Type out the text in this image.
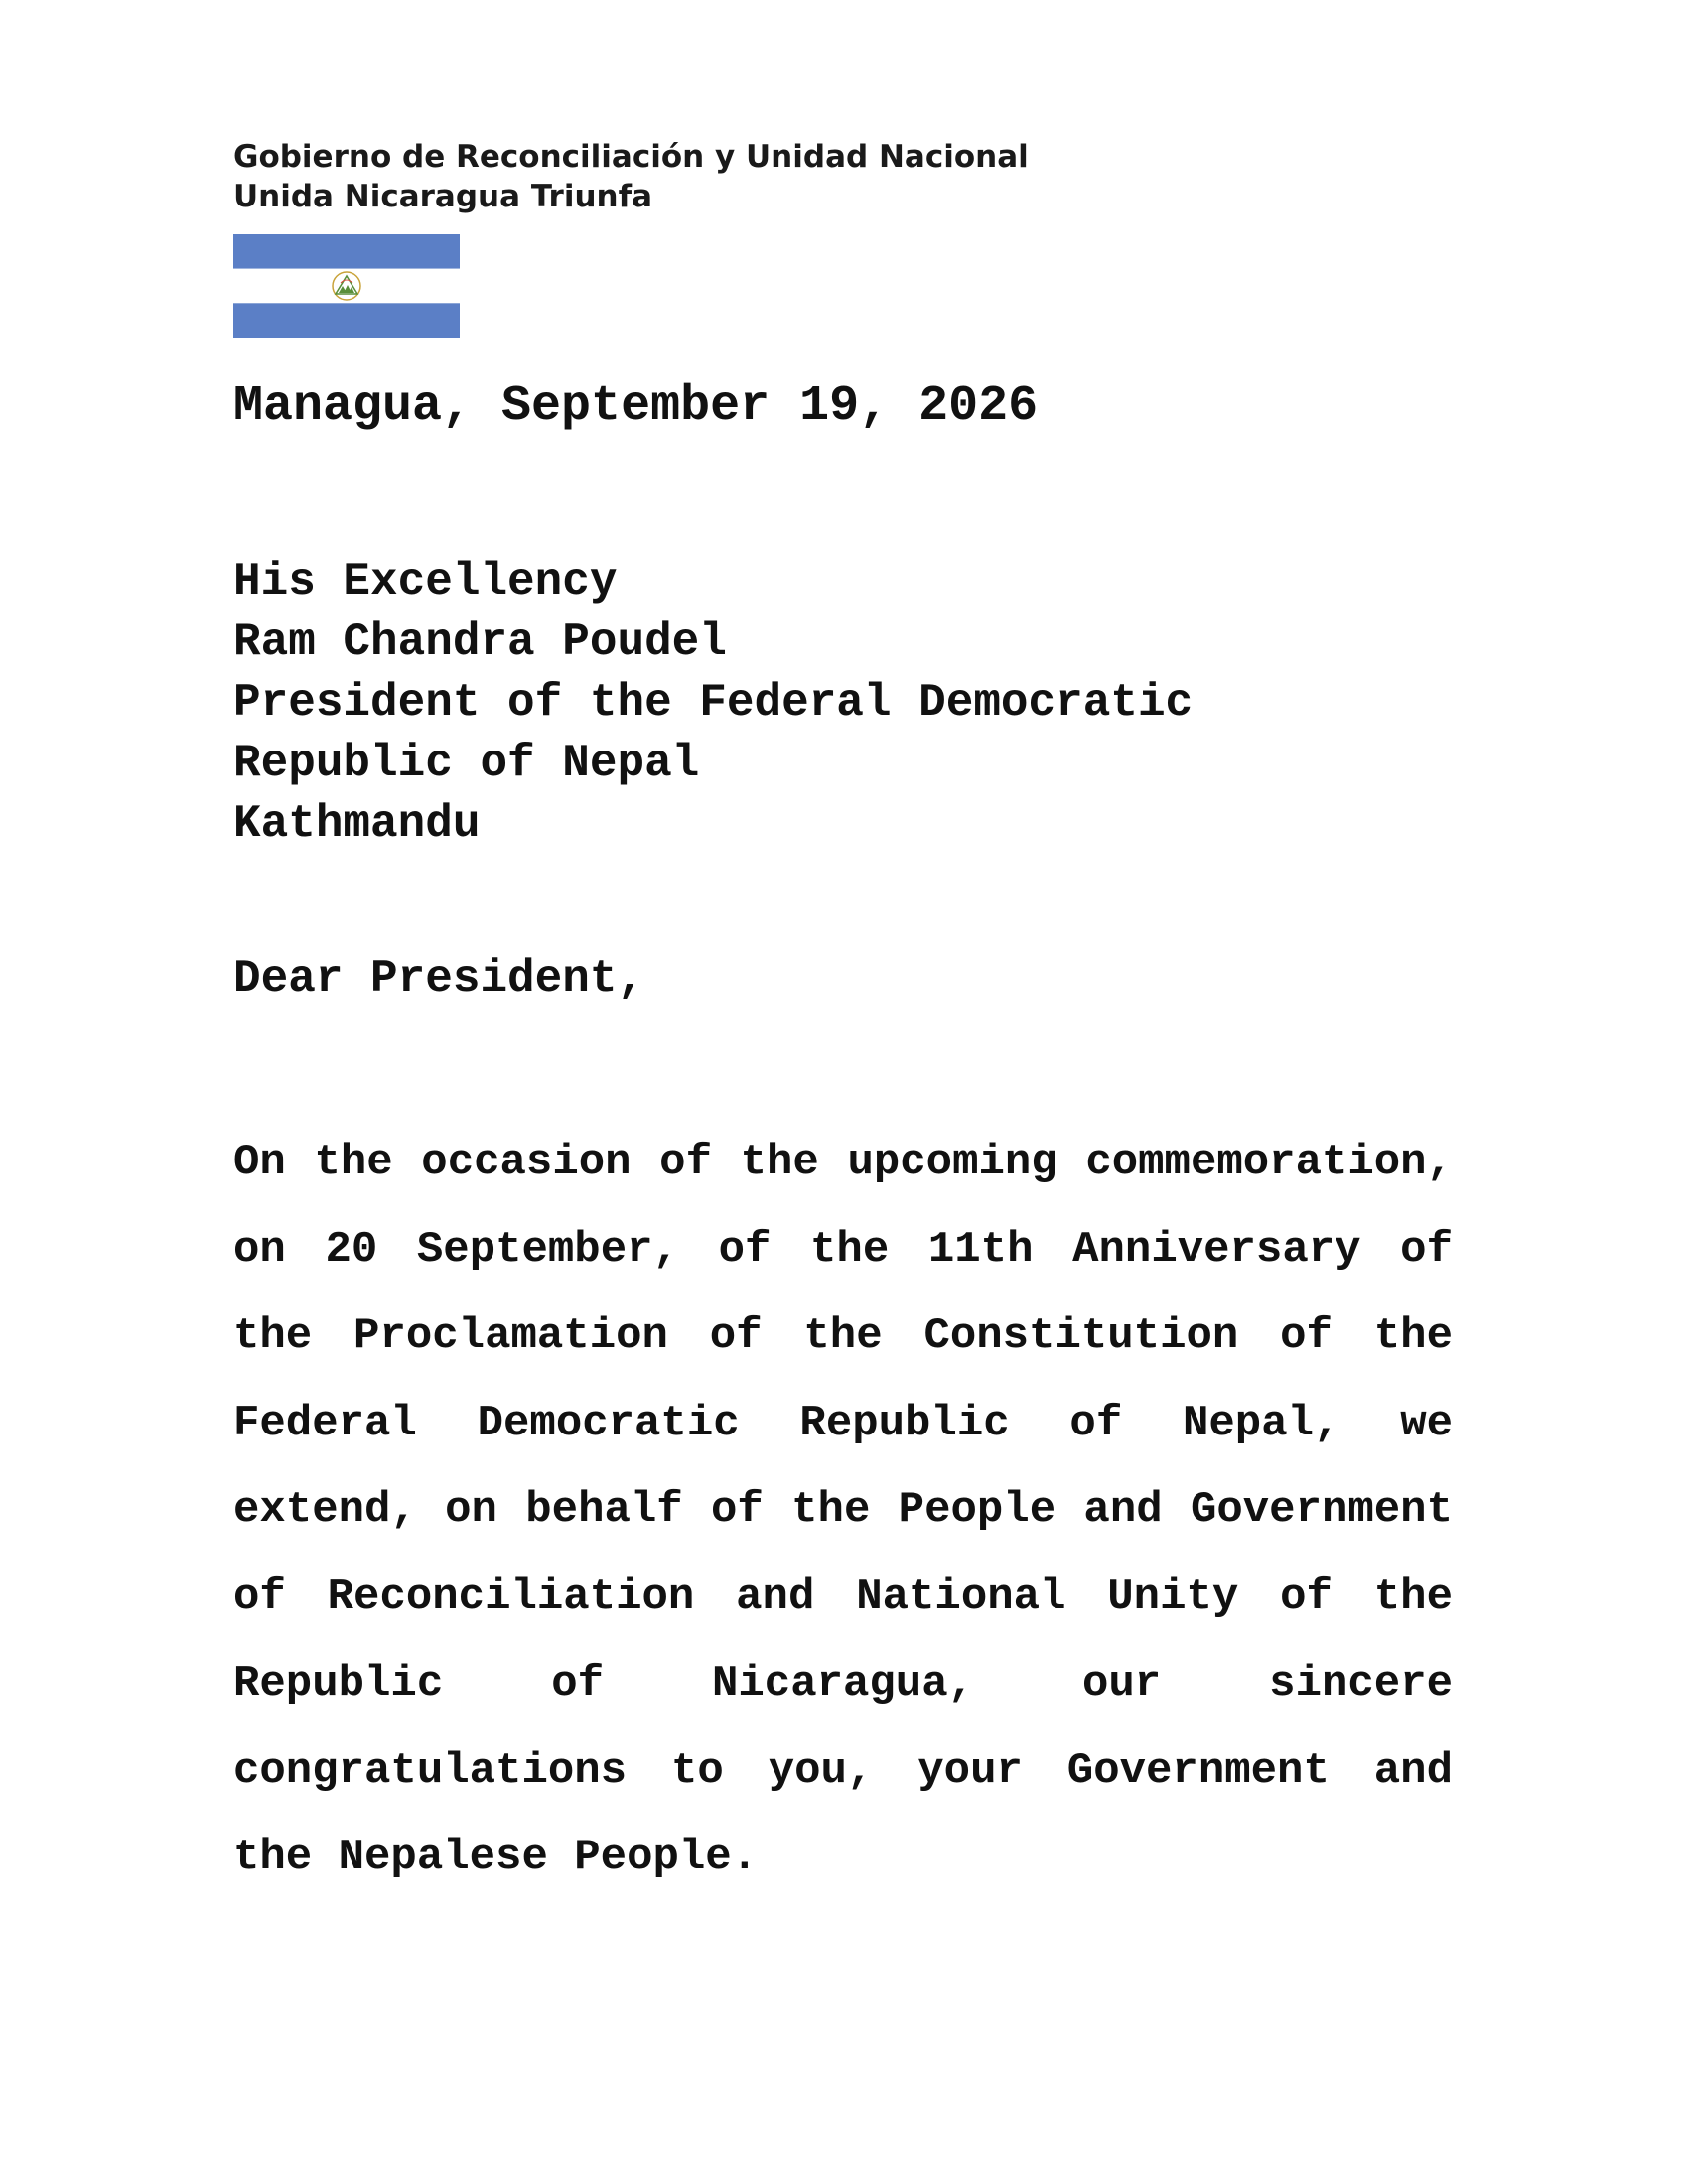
Gobierno de Reconciliación y Unidad Nacional
Unida Nicaragua Triunfa
Managua, September 19, 2026
His Excellency
Ram Chandra Poudel
President of the Federal Democratic
Republic of Nepal
Kathmandu
Dear President,

On the occasion of the upcoming commemoration, on 20 September, of the 11th Anniversary of the Proclamation of the Constitution of the Federal Democratic Republic of Nepal, we extend, on behalf of the People and Government of Reconciliation and National Unity of the Republic of Nicaragua, our sincere congratulations to you, your Government and the Nepalese People.
